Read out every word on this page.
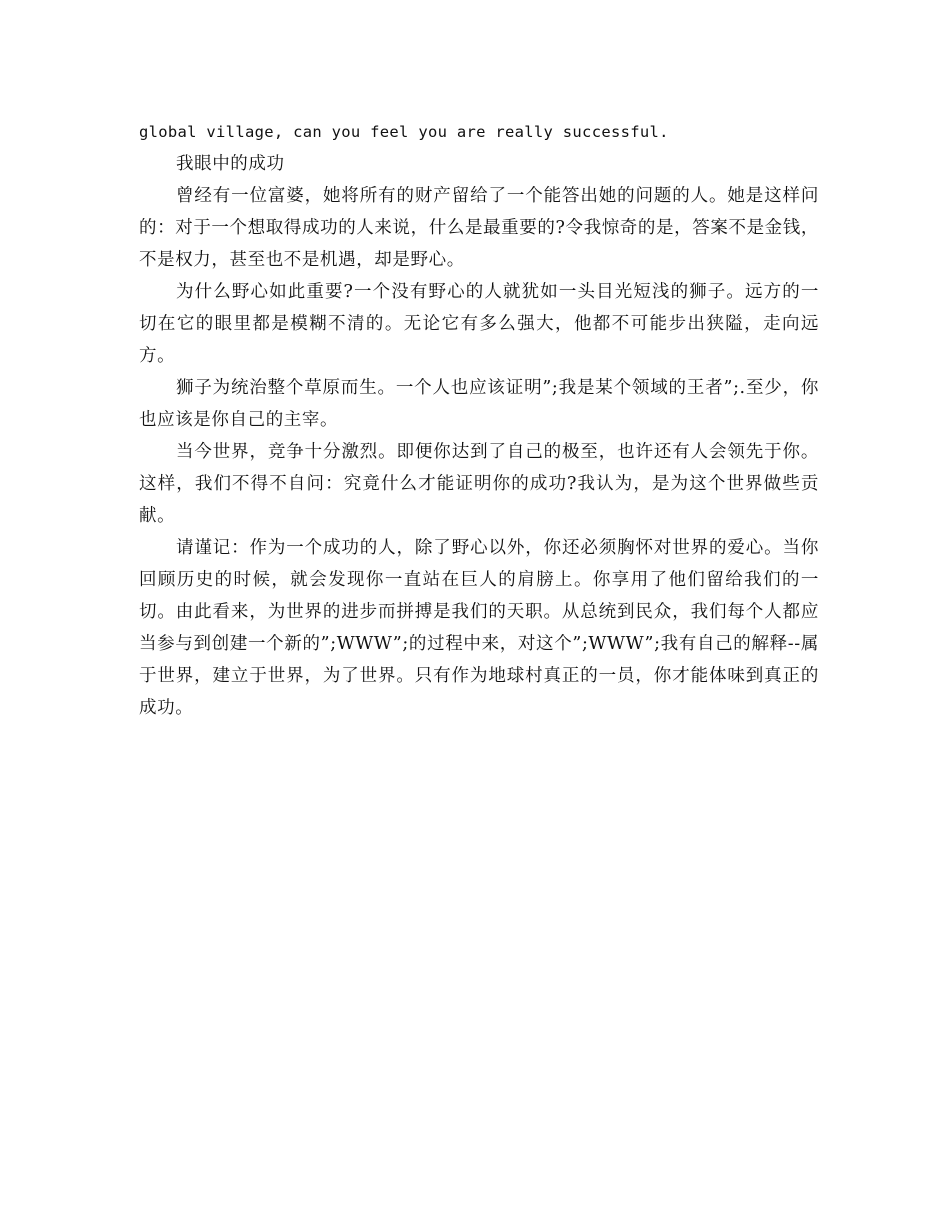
global village, can you feel you are really successful.

我眼中的成功

曾经有一位富婆，她将所有的财产留给了一个能答出她的问题的人。她是这样问的：对于一个想取得成功的人来说，什么是最重要的?令我惊奇的是，答案不是金钱，不是权力，甚至也不是机遇，却是野心。

为什么野心如此重要?一个没有野心的人就犹如一头目光短浅的狮子。远方的一切在它的眼里都是模糊不清的。无论它有多么强大，他都不可能步出狭隘，走向远方。

狮子为统治整个草原而生。一个人也应该证明”;我是某个领域的王者”;.至少，你也应该是你自己的主宰。

当今世界，竞争十分激烈。即便你达到了自己的极至，也许还有人会领先于你。这样，我们不得不自问：究竟什么才能证明你的成功?我认为，是为这个世界做些贡献。

请谨记：作为一个成功的人，除了野心以外，你还必须胸怀对世界的爱心。当你回顾历史的时候，就会发现你一直站在巨人的肩膀上。你享用了他们留给我们的一切。由此看来，为世界的进步而拼搏是我们的天职。从总统到民众，我们每个人都应当参与到创建一个新的”;WWW”;的过程中来，对这个”;WWW”;我有自己的解释--属于世界，建立于世界，为了世界。只有作为地球村真正的一员，你才能体味到真正的成功。
